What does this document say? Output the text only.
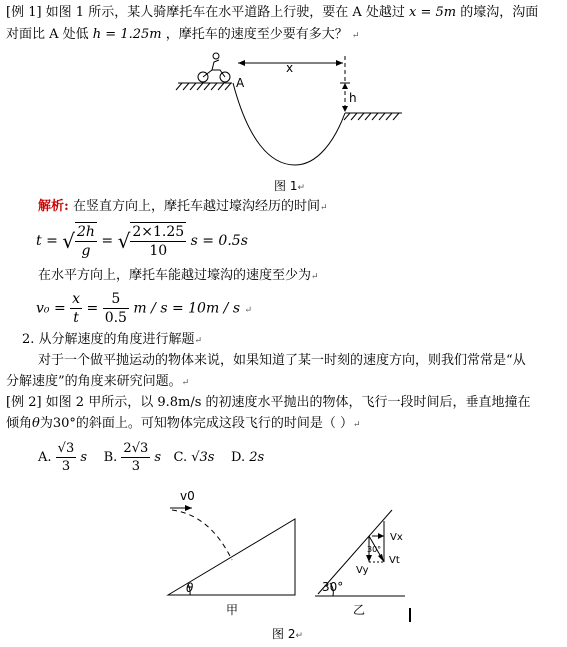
[例 1] 如图 1 所示，某人骑摩托车在水平道路上行驶，要在 A 处越过 x = 5m 的壕沟，沟面
对面比 A 处低 h = 1.25m ，摩托车的速度至少要有多大？ ↵
A
x
h
图 1↵
解析: 在竖直方向上，摩托车越过壕沟经历的时间↵
t = √ $\frac{2h}{g}$ = √ $\frac{2\times 1.25}{10}$ s = 0.5s
在水平方向上，摩托车能越过壕沟的速度至少为↵
$v_0 = \frac{x}{t} = \frac{5}{0.5}$ m / s = 10m / s ↵
2. 从分解速度的角度进行解题↵
对于一个做平抛运动的物体来说，如果知道了某一时刻的速度方向，则我们常常是“从
分解速度”的角度来研究问题。↵
[例 2] 如图 2 甲所示，以 9.8m/s 的初速度水平抛出的物体，飞行一段时间后，垂直地撞在
倾角θ为30°的斜面上。可知物体完成这段飞行的时间是（ ）↵
A. $\frac{√3}{3}$ s B. $\frac{2√3}{3}$ s C. √3s D. 2s
v0
θ
甲
30°
30°
Vx
Vy
Vt
乙
图 2↵
